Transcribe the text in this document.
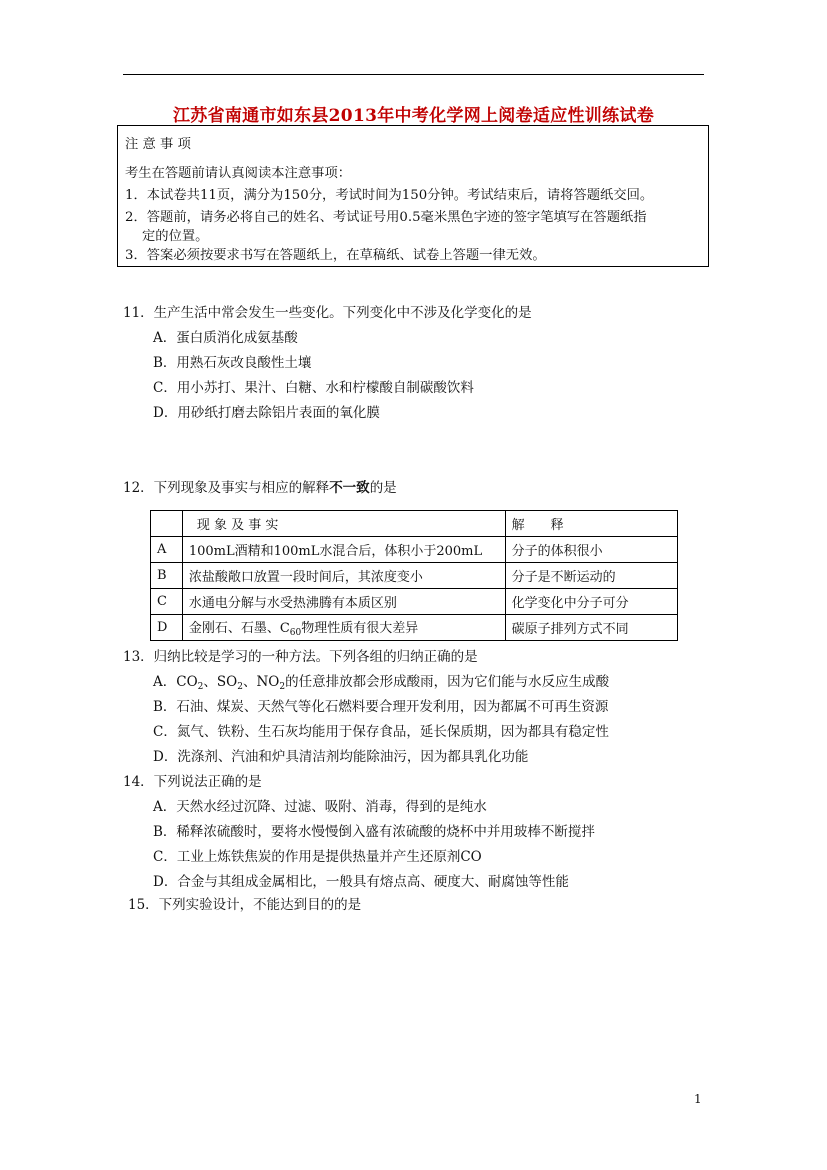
江苏省南通市如东县2013年中考化学网上阅卷适应性训练试卷
注 意 事 项
考生在答题前请认真阅读本注意事项：
1．本试卷共11页，满分为150分，考试时间为150分钟。考试结束后，请将答题纸交回。
2．答题前，请务必将自己的姓名、考试证号用0.5毫米黑色字迹的签字笔填写在答题纸指
定的位置。
3．答案必须按要求书写在答题纸上，在草稿纸、试卷上答题一律无效。
11．生产生活中常会发生一些变化。下列变化中不涉及化学变化的是
A．蛋白质消化成氨基酸
B．用熟石灰改良酸性土壤
C．用小苏打、果汁、白糖、水和柠檬酸自制碳酸饮料
D．用砂纸打磨去除铝片表面的氧化膜
12．下列现象及事实与相应的解释不一致的是
	现 象 及 事 实	解　　释
A	100mL酒精和100mL水混合后，体积小于200mL	分子的体积很小
B	浓盐酸敞口放置一段时间后，其浓度变小	分子是不断运动的
C	水通电分解与水受热沸腾有本质区别	化学变化中分子可分
D	金刚石、石墨、$C_{60}$物理性质有很大差异	碳原子排列方式不同
13．归纳比较是学习的一种方法。下列各组的归纳正确的是
A．$CO_2$、$SO_2$、$NO_2$的任意排放都会形成酸雨，因为它们能与水反应生成酸
B．石油、煤炭、天然气等化石燃料要合理开发利用，因为都属不可再生资源
C．氮气、铁粉、生石灰均能用于保存食品，延长保质期，因为都具有稳定性
D．洗涤剂、汽油和炉具清洁剂均能除油污，因为都具乳化功能
14．下列说法正确的是
A．天然水经过沉降、过滤、吸附、消毒，得到的是纯水
B．稀释浓硫酸时，要将水慢慢倒入盛有浓硫酸的烧杯中并用玻棒不断搅拌
C．工业上炼铁焦炭的作用是提供热量并产生还原剂CO
D．合金与其组成金属相比，一般具有熔点高、硬度大、耐腐蚀等性能
15．下列实验设计，不能达到目的的是
1
